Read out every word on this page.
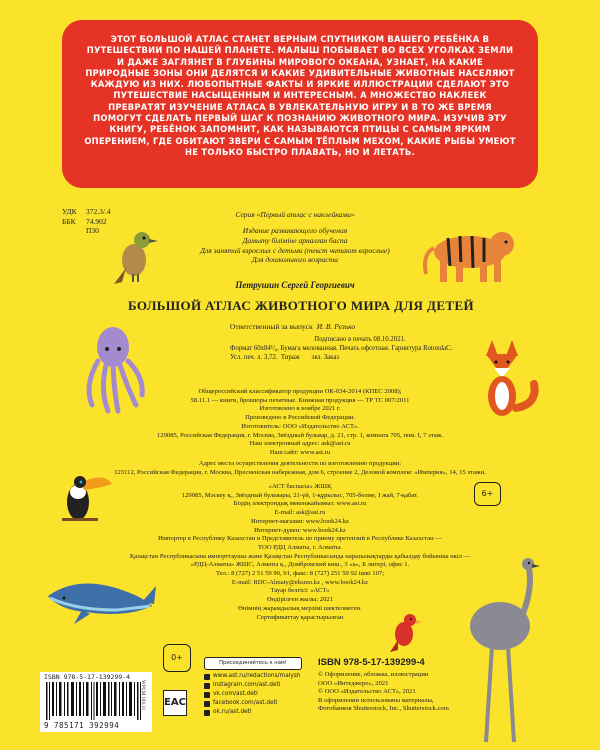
ЭТОТ БОЛЬШОЙ АТЛАС СТАНЕТ ВЕРНЫМ СПУТНИКОМ ВАШЕГО РЕБЁНКА В ПУТЕШЕСТВИИ ПО НАШЕЙ ПЛАНЕТЕ. МАЛЫШ ПОБЫВАЕТ ВО ВСЕХ УГОЛКАХ ЗЕМЛИ И ДАЖЕ ЗАГЛЯНЕТ В ГЛУБИНЫ МИРОВОГО ОКЕАНА, УЗНАЕТ, НА КАКИЕ ПРИРОДНЫЕ ЗОНЫ ОНИ ДЕЛЯТСЯ И КАКИЕ УДИВИТЕЛЬНЫЕ ЖИВОТНЫЕ НАСЕЛЯЮТ КАЖДУЮ ИЗ НИХ. ЛЮБОПЫТНЫЕ ФАКТЫ И ЯРКИЕ ИЛЛЮСТРАЦИИ СДЕЛАЮТ ЭТО ПУТЕШЕСТВИЕ НАСЫЩЕННЫМ И ИНТЕРЕСНЫМ. А МНОЖЕСТВО НАКЛЕЕК ПРЕВРАТЯТ ИЗУЧЕНИЕ АТЛАСА В УВЛЕКАТЕЛЬНУЮ ИГРУ И В ТО ЖЕ ВРЕМЯ ПОМОГУТ СДЕЛАТЬ ПЕРВЫЙ ШАГ К ПОЗНАНИЮ ЖИВОТНОГО МИРА. ИЗУЧИВ ЭТУ КНИГУ, РЕБЁНОК ЗАПОМНИТ, КАК НАЗЫВАЮТСЯ ПТИЦЫ С САМЫМ ЯРКИМ ОПЕРЕНИЕМ, ГДЕ ОБИТАЮТ ЗВЕРИ С САМЫМ ТЁПЛЫМ МЕХОМ, КАКИЕ РЫБЫ УМЕЮТ НЕ ТОЛЬКО БЫСТРО ПЛАВАТЬ, НО И ЛЕТАТЬ.
УДК 372.3/.4
ББК 74.902
П30
Серия «Первый атлас с наклейками»
Издание развивающего обучения
Дамыту бiлiмiне арналған баспа
Для занятий взрослых с детьми (текст читают взрослые)
Для дошкольного возраста
Петрушин Сергей Георгиевич
БОЛЬШОЙ АТЛАС ЖИВОТНОГО МИРА ДЛЯ ДЕТЕЙ
Ответственный за выпуск И. В. Резько
Подписано в печать 08.10.2021.
Формат 60x84¹/₈. Бумага мелованная. Печать офсетная. Гарнитура RotondaC.
Усл. печ. л. 3,72. Тираж экз. Заказ
Общероссийский классификатор продукции ОК-034-2014 (КПЕС 2008);
58.11.1 — книги, брошюры печатные. Книжная продукция — ТР ТС 007/2011
Изготовлено в ноябре 2021 г.
Произведено в Российской Федерации.
Изготовитель: ООО «Издательство АСТ».
129085, Российская Федерация, г. Москва, Звёздный бульвар, д. 21, стр. 1, комната 705, пом. I, 7 этаж.
Наш электронный адрес: ask@ast.ru
Наш сайт: www.ast.ru
Адрес места осуществления деятельности по изготовлению продукции:
123112, Российская Федерация, г. Москва, Пресненская набережная, дом 6, строение 2, Деловой комплекс «Империя», 14, 15 этажи.
«АСТ баспасы» ЖШҚ
129085, Мәскеу қ., Звёздный бульвары, 21-үй, 1-құрылыс, 705-бөлме, I жай, 7-қабат.
Біздің электрондық мекенжайымыз: www.ast.ru
E-mail: ask@ast.ru
Интернет-магазин: www.book24.kz
Интернет-дүкен: www.book24.kz
Импортер в Республику Казахстан и Представитель по приему претензий в Республике Казахстан —
ТОО РДЦ Алматы, г. Алматы.
Қазақстан Республикасына импорттаушы және Қазақстан Республикасында наразылықтарды қабылдау бойынша өкіл —
«РДЦ-Алматы» ЖШС, Алматы қ., Домбровский көш., 3 «а», Б литері, офис 1.
Тел.: 8 (727) 2 51 59 90, 91, факс: 8 (727) 251 59 92 ішкі 107;
E-mail: RDC-Almaty@eksmo.kz , www.book24.kz
Тауар белгісі: «АСТ»
Өндірілген жылы: 2021
Өнімнің жарамдылық мерзімі шектелмеген.
Сертификаттау қарастырылған
6+
ISBN 978-5-17-139299-4
9 785171 392994
WPCM 183.11
0+
EAC
Присоединяйтесь к нам!
www.ast.ru/redactions/malysh
instagram.com/ast.deti
vk.com/ast.deti
facebook.com/ast.deti
ok.ru/ast.deti
ISBN 978-5-17-139299-4
© Оформление, обложка, иллюстрации
ООО «Интеджеро», 2021
© ООО «Издательство АСТ», 2021
В оформлении использованы материалы,
Фотобанков Shutterstock, Inc., Shutterstock.com
